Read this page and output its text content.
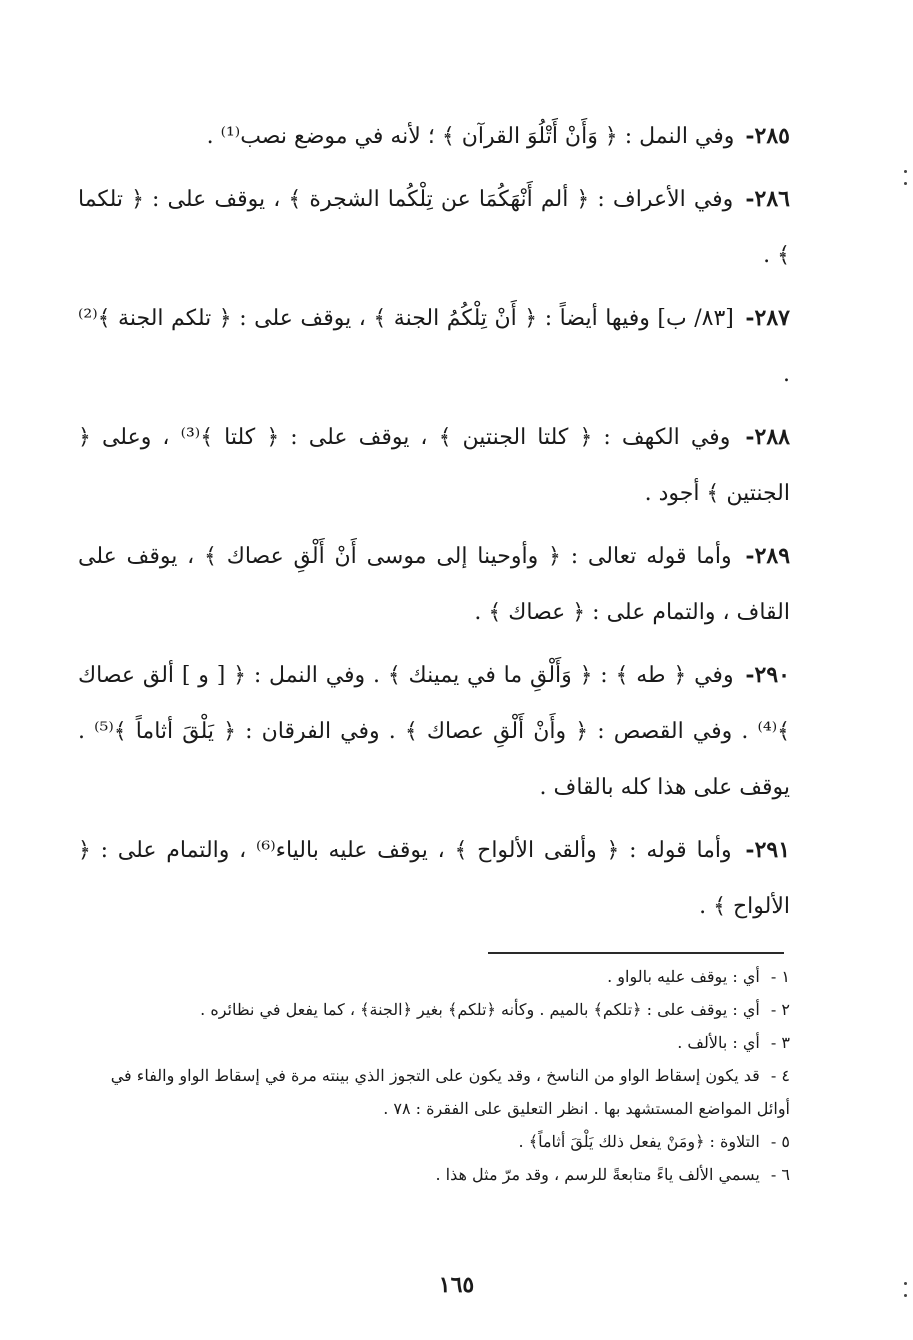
٢٨٥- وفي النمل : ﴿ وَأَنْ أَتْلُوَ القرآن ﴾ ؛ لأنه في موضع نصب⁽¹⁾ .

٢٨٦- وفي الأعراف : ﴿ ألم أَنْهَكُمَا عن تِلْكُما الشجرة ﴾ ، يوقف على : ﴿ تلكما ﴾ .

٢٨٧- [٨٣/ ب] وفيها أيضاً : ﴿ أَنْ تِلْكُمُ الجنة ﴾ ، يوقف على : ﴿ تلكم الجنة ﴾⁽²⁾ .

٢٨٨- وفي الكهف : ﴿ كلتا الجنتين ﴾ ، يوقف على : ﴿ كلتا ﴾⁽³⁾ ، وعلى ﴿ الجنتين ﴾ أجود .

٢٨٩- وأما قوله تعالى : ﴿ وأوحينا إلى موسى أَنْ أَلْقِ عصاك ﴾ ، يوقف على القاف ، والتمام على : ﴿ عصاك ﴾ .

٢٩٠- وفي ﴿ طه ﴾ : ﴿ وَأَلْقِ ما في يمينك ﴾ . وفي النمل : ﴿ [ و ] ألق عصاك ﴾⁽⁴⁾ . وفي القصص : ﴿ وأَنْ أَلْقِ عصاك ﴾ . وفي الفرقان : ﴿ يَلْقَ أثاماً ﴾⁽⁵⁾ . يوقف على هذا كله بالقاف .

٢٩١- وأما قوله : ﴿ وألقى الألواح ﴾ ، يوقف عليه بالياء⁽⁶⁾ ، والتمام على : ﴿ الألواح ﴾ .

١ - أي : يوقف عليه بالواو .

٢ - أي : يوقف على : ﴿تلكم﴾ بالميم . وكأنه ﴿تلكم﴾ بغير ﴿الجنة﴾ ، كما يفعل في نظائره .

٣ - أي : بالألف .

٤ - قد يكون إسقاط الواو من الناسخ ، وقد يكون على التجوز الذي بينته مرة في إسقاط الواو والفاء في أوائل المواضع المستشهد بها . انظر التعليق على الفقرة : ٧٨ .

٥ - التلاوة : ﴿ومَنْ يفعل ذلك يَلْقَ أثاماً﴾ .

٦ - يسمي الألف ياءً متابعةً للرسم ، وقد مرّ مثل هذا .

١٦٥
